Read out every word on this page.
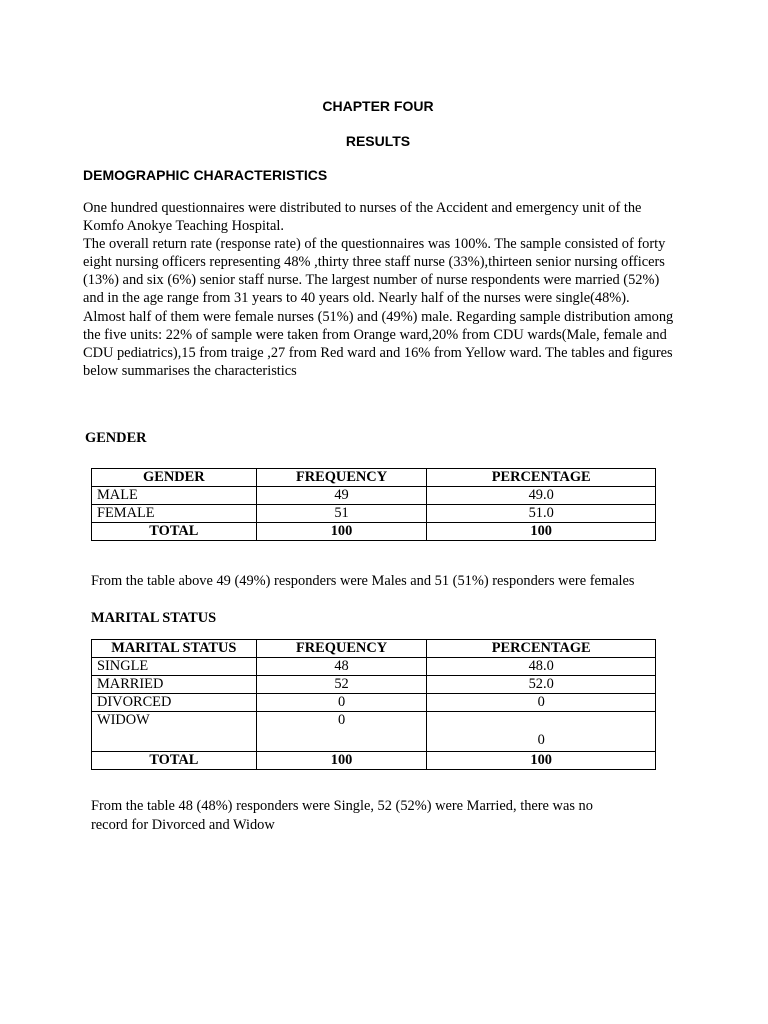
CHAPTER FOUR
RESULTS
DEMOGRAPHIC CHARACTERISTICS

One hundred questionnaires were distributed to nurses of the Accident and emergency unit of the Komfo Anokye Teaching Hospital.

The overall return rate (response rate) of the questionnaires was 100%. The sample consisted of forty eight nursing officers representing 48% ,thirty three staff nurse (33%),thirteen senior nursing officers (13%) and six (6%) senior staff nurse. The largest number of nurse respondents were married (52%) and in the age range from 31 years to 40 years old. Nearly half of the nurses were single(48%).

Almost half of them were female nurses (51%) and (49%) male. Regarding sample distribution among the five units: 22% of sample were taken from Orange ward,20% from CDU wards(Male, female and CDU pediatrics),15 from traige ,27 from Red ward and 16% from Yellow ward. The tables and figures below summarises the characteristics

GENDER
GENDER	FREQUENCY	PERCENTAGE
MALE	49	49.0
FEMALE	51	51.0
TOTAL	100	100

From the table above 49 (49%) responders were Males and 51 (51%) responders were females

MARITAL STATUS
MARITAL STATUS	FREQUENCY	PERCENTAGE
SINGLE	48	48.0
MARRIED	52	52.0
DIVORCED	0	0
WIDOW	0	0
TOTAL	100	100

From the table 48 (48%) responders were Single, 52 (52%) were Married, there was no record for Divorced and Widow
